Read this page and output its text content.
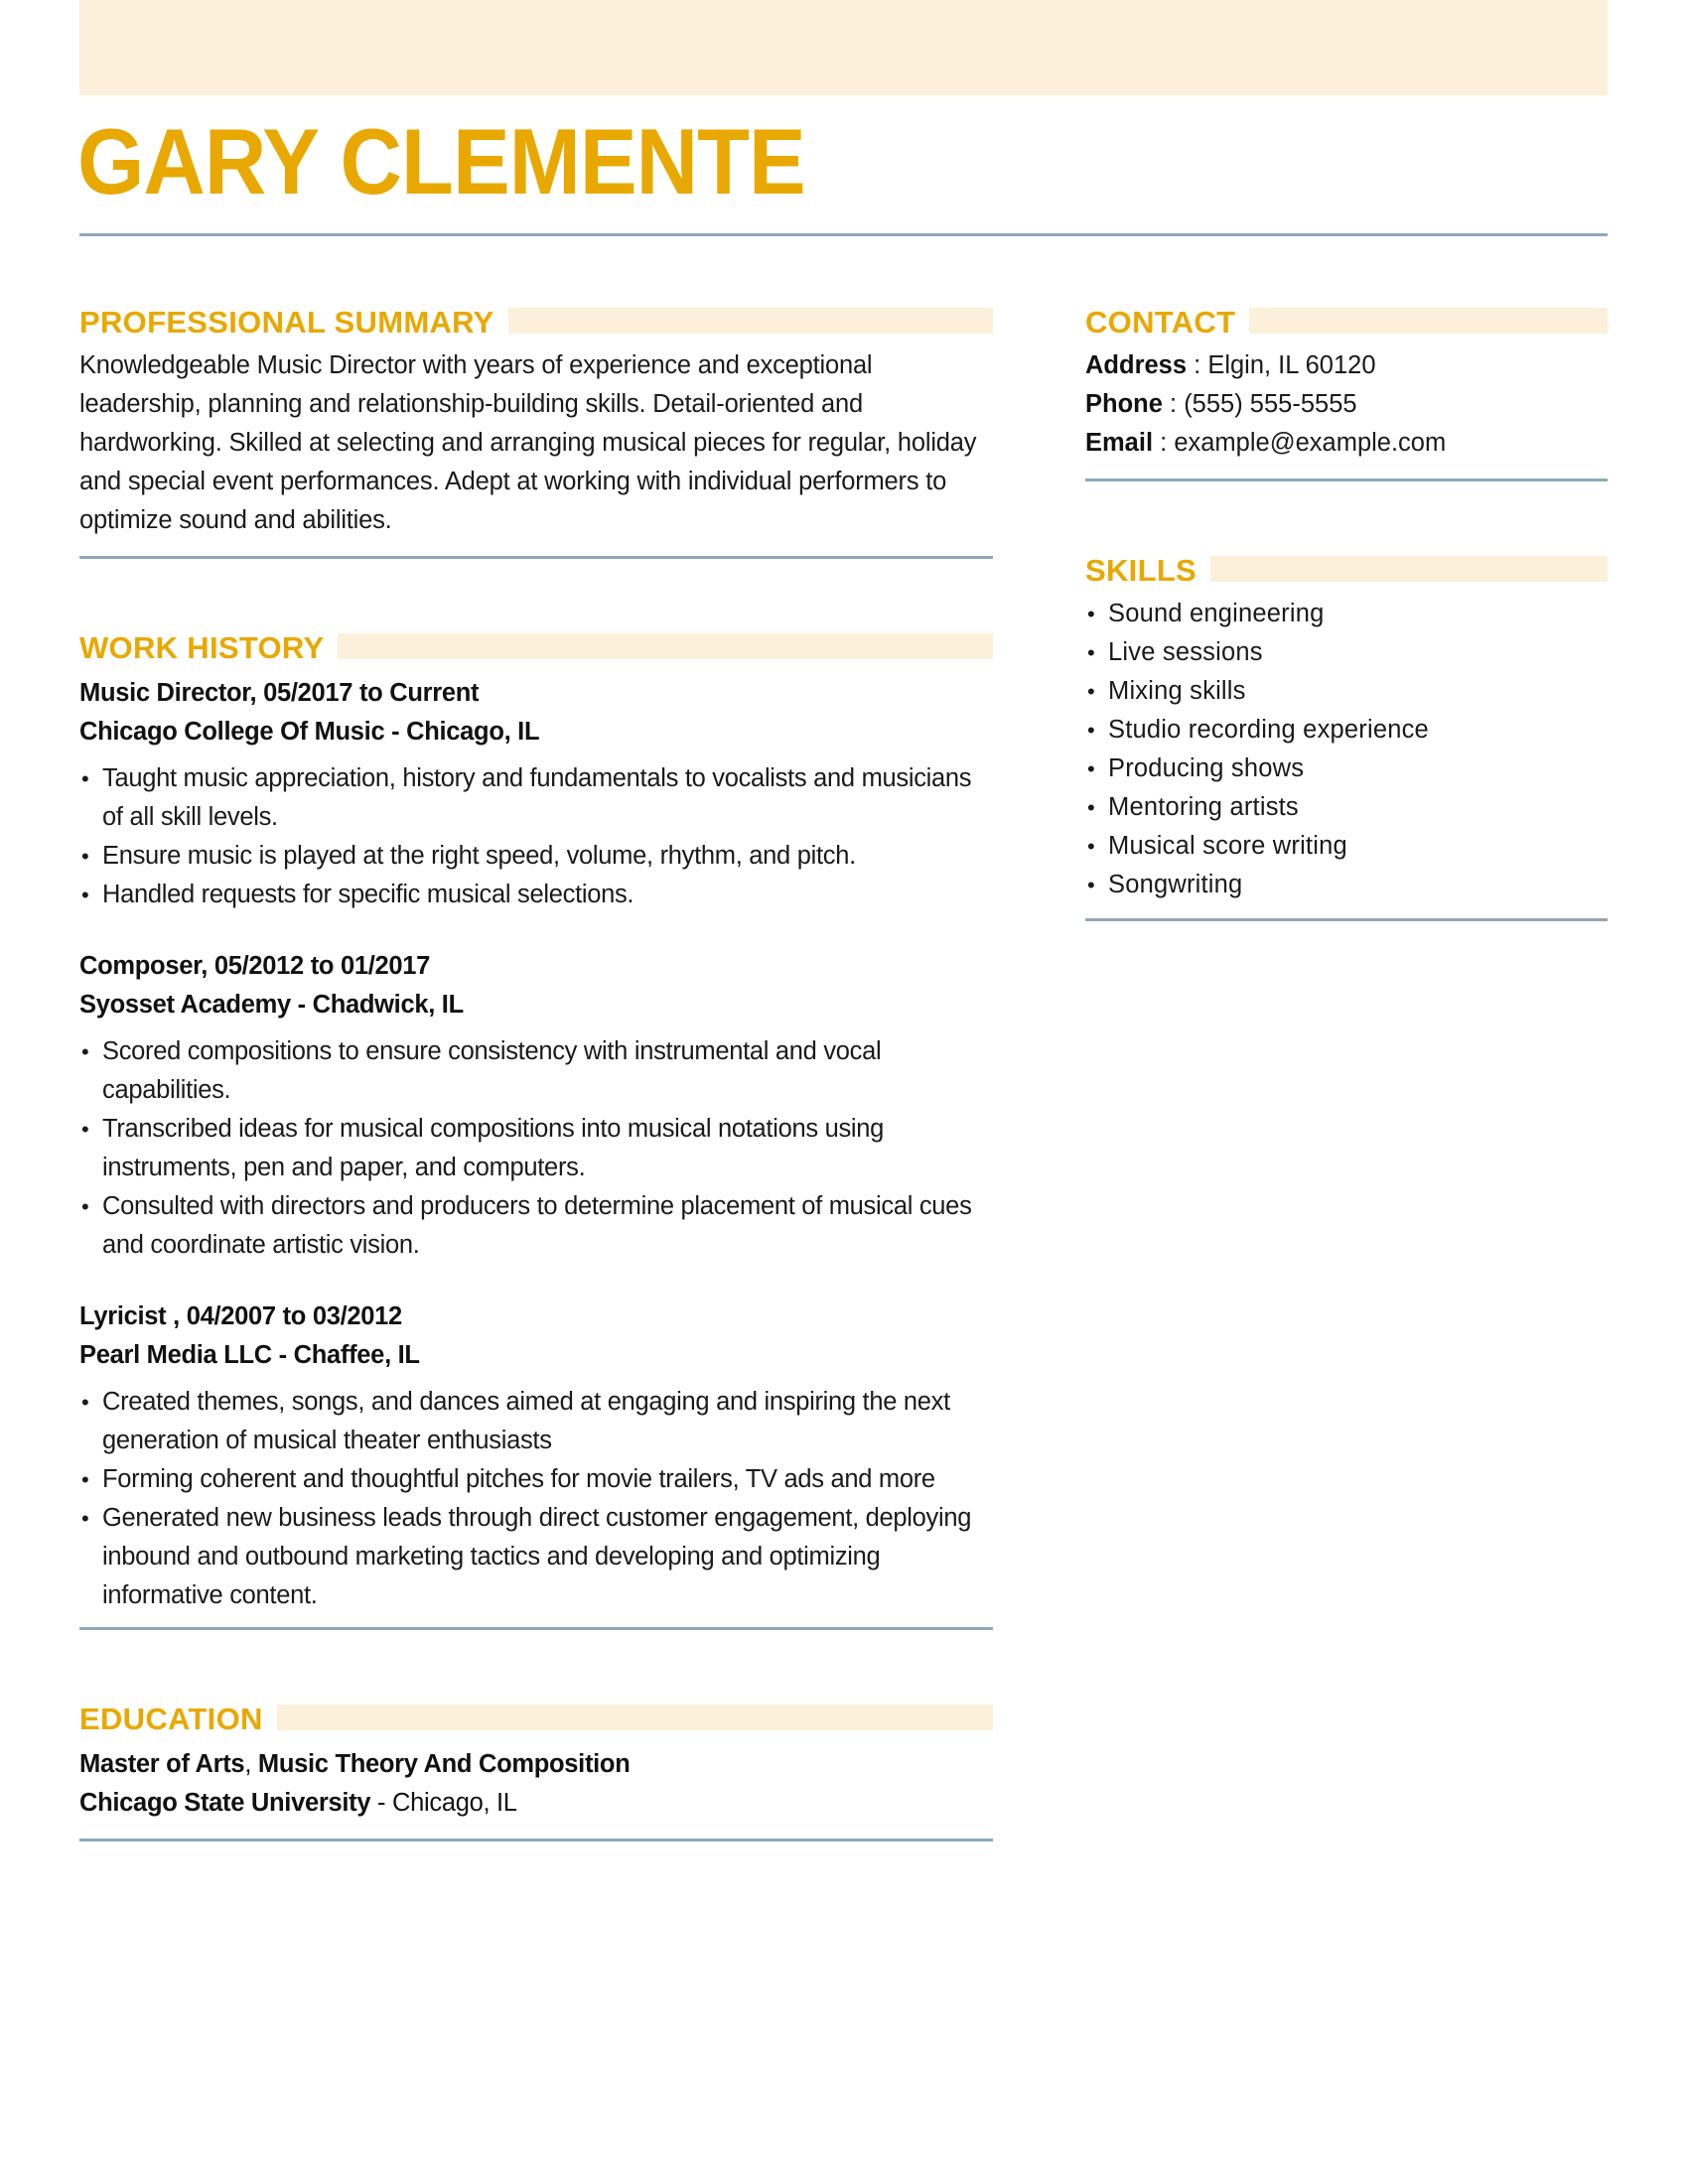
GARY CLEMENTE
PROFESSIONAL SUMMARY

Knowledgeable Music Director with years of experience and exceptional leadership, planning and relationship-building skills. Detail-oriented and hardworking. Skilled at selecting and arranging musical pieces for regular, holiday and special event performances. Adept at working with individual performers to optimize sound and abilities.

WORK HISTORY
Music Director, 05/2017 to Current
Chicago College Of Music - Chicago, IL
• Taught music appreciation, history and fundamentals to vocalists and musicians of all skill levels.
• Ensure music is played at the right speed, volume, rhythm, and pitch.
• Handled requests for specific musical selections.
Composer, 05/2012 to 01/2017
Syosset Academy - Chadwick, IL
• Scored compositions to ensure consistency with instrumental and vocal capabilities.
• Transcribed ideas for musical compositions into musical notations using instruments, pen and paper, and computers.
• Consulted with directors and producers to determine placement of musical cues and coordinate artistic vision.
Lyricist , 04/2007 to 03/2012
Pearl Media LLC - Chaffee, IL
• Created themes, songs, and dances aimed at engaging and inspiring the next generation of musical theater enthusiasts
• Forming coherent and thoughtful pitches for movie trailers, TV ads and more
• Generated new business leads through direct customer engagement, deploying inbound and outbound marketing tactics and developing and optimizing informative content.
EDUCATION
Master of Arts, Music Theory And Composition
Chicago State University - Chicago, IL
CONTACT
Address : Elgin, IL 60120
Phone : (555) 555-5555
Email : example@example.com
SKILLS
• Sound engineering
• Live sessions
• Mixing skills
• Studio recording experience
• Producing shows
• Mentoring artists
• Musical score writing
• Songwriting
